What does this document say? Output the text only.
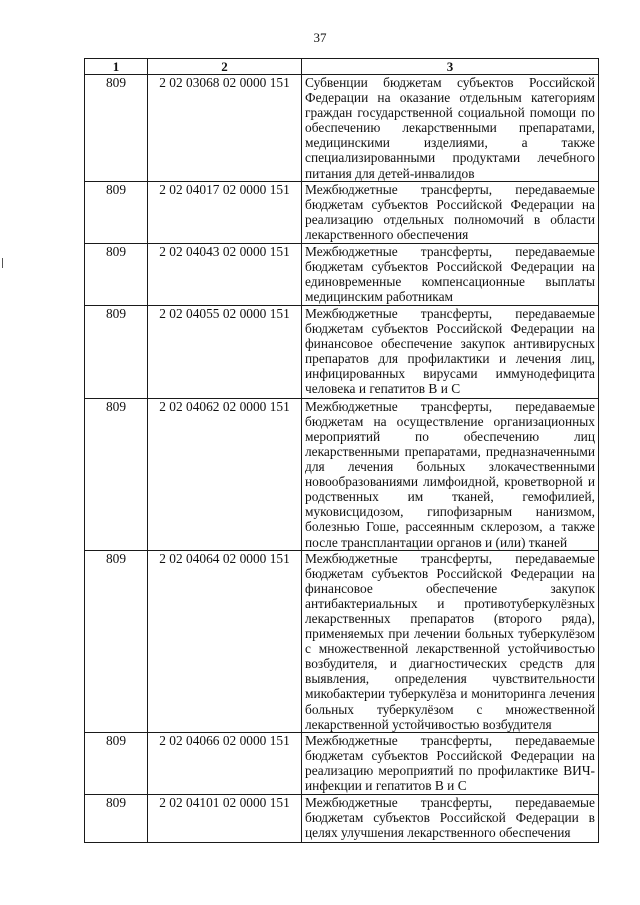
37
1	2	3
809	2 02 03068 02 0000 151	Субвенции бюджетам субъектов Российской Федерации на оказание отдельным категориям граждан государственной социальной помощи по обеспечению лекарственными препаратами, медицинскими изделиями, а также специализированными продуктами лечебного питания для детей-инвалидов
809	2 02 04017 02 0000 151	Межбюджетные трансферты, передаваемые бюджетам субъектов Российской Федерации на реализацию отдельных полномочий в области лекарственного обеспечения
809	2 02 04043 02 0000 151	Межбюджетные трансферты, передаваемые бюджетам субъектов Российской Федерации на единовременные компенсационные выплаты медицинским работникам
809	2 02 04055 02 0000 151	Межбюджетные трансферты, передаваемые бюджетам субъектов Российской Федерации на финансовое обеспечение закупок антивирусных препаратов для профилактики и лечения лиц, инфицированных вирусами иммунодефицита человека и гепатитов В и С
809	2 02 04062 02 0000 151	Межбюджетные трансферты, передаваемые бюджетам на осуществление организационных мероприятий по обеспечению лиц лекарственными препаратами, предназначенными для лечения больных злокачественными новообразованиями лимфоидной, кроветворной и родственных им тканей, гемофилией, муковисцидозом, гипофизарным нанизмом, болезнью Гоше, рассеянным склерозом, а также после трансплантации органов и (или) тканей
809	2 02 04064 02 0000 151	Межбюджетные трансферты, передаваемые бюджетам субъектов Российской Федерации на финансовое обеспечение закупок антибактериальных и противотуберкулёзных лекарственных препаратов (второго ряда), применяемых при лечении больных туберкулёзом с множественной лекарственной устойчивостью возбудителя, и диагностических средств для выявления, определения чувствительности микобактерии туберкулёза и мониторинга лечения больных туберкулёзом с множественной лекарственной устойчивостью возбудителя
809	2 02 04066 02 0000 151	Межбюджетные трансферты, передаваемые бюджетам субъектов Российской Федерации на реализацию мероприятий по профилактике ВИЧ-инфекции и гепатитов В и С
809	2 02 04101 02 0000 151	Межбюджетные трансферты, передаваемые бюджетам субъектов Российской Федерации в целях улучшения лекарственного обеспечения
